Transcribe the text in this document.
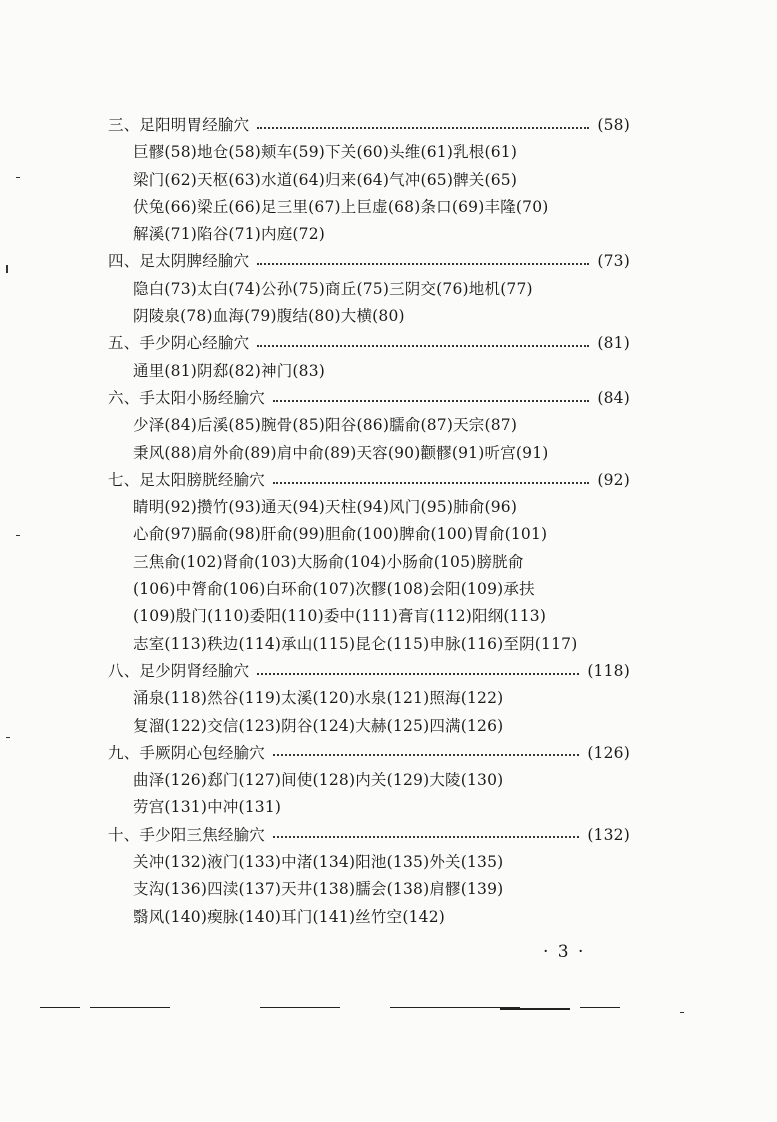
三、足阳明胃经腧穴	(58)
巨髎(58)地仓(58)颊车(59)下关(60)头维(61)乳根(61)
梁门(62)天枢(63)水道(64)归来(64)气冲(65)髀关(65)
伏兔(66)梁丘(66)足三里(67)上巨虚(68)条口(69)丰隆(70)
解溪(71)陷谷(71)内庭(72)
四、足太阴脾经腧穴	(73)
隐白(73)太白(74)公孙(75)商丘(75)三阴交(76)地机(77)
阴陵泉(78)血海(79)腹结(80)大横(80)
五、手少阴心经腧穴	(81)
通里(81)阴郄(82)神门(83)
六、手太阳小肠经腧穴	(84)
少泽(84)后溪(85)腕骨(85)阳谷(86)臑俞(87)天宗(87)
秉风(88)肩外俞(89)肩中俞(89)天容(90)颧髎(91)听宫(91)
七、足太阳膀胱经腧穴	(92)
睛明(92)攒竹(93)通天(94)天柱(94)风门(95)肺俞(96)
心俞(97)膈俞(98)肝俞(99)胆俞(100)脾俞(100)胃俞(101)
三焦俞(102)肾俞(103)大肠俞(104)小肠俞(105)膀胱俞
(106)中膂俞(106)白环俞(107)次髎(108)会阳(109)承扶
(109)殷门(110)委阳(110)委中(111)膏肓(112)阳纲(113)
志室(113)秩边(114)承山(115)昆仑(115)申脉(116)至阴(117)
八、足少阴肾经腧穴	(118)
涌泉(118)然谷(119)太溪(120)水泉(121)照海(122)
复溜(122)交信(123)阴谷(124)大赫(125)四满(126)
九、手厥阴心包经腧穴	(126)
曲泽(126)郄门(127)间使(128)内关(129)大陵(130)
劳宫(131)中冲(131)
十、手少阳三焦经腧穴	(132)
关冲(132)液门(133)中渚(134)阳池(135)外关(135)
支沟(136)四渎(137)天井(138)臑会(138)肩髎(139)
翳风(140)瘈脉(140)耳门(141)丝竹空(142)
· 3 ·
